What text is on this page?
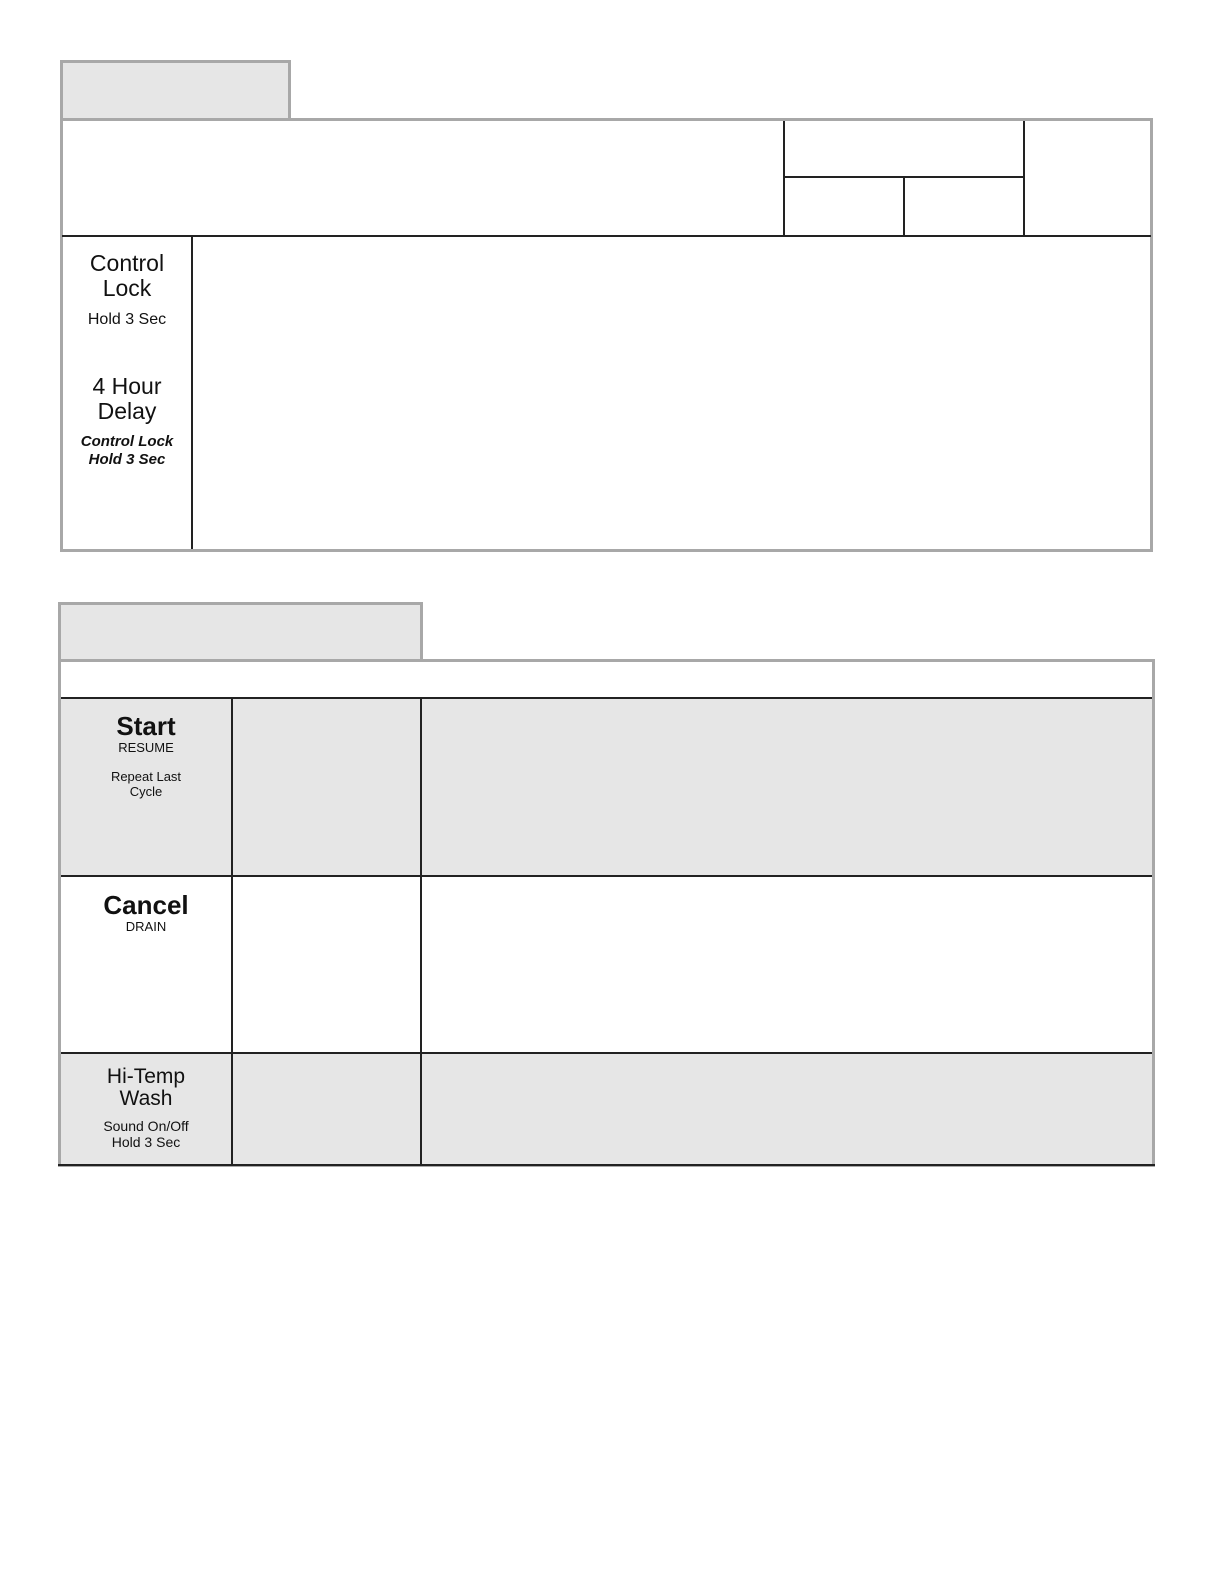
Control
Lock
Hold 3 Sec
4 Hour
Delay
Control Lock
Hold 3 Sec
Start
RESUME
Repeat Last
Cycle
Cancel
DRAIN
Hi-Temp
Wash
Sound On/Off
Hold 3 Sec
